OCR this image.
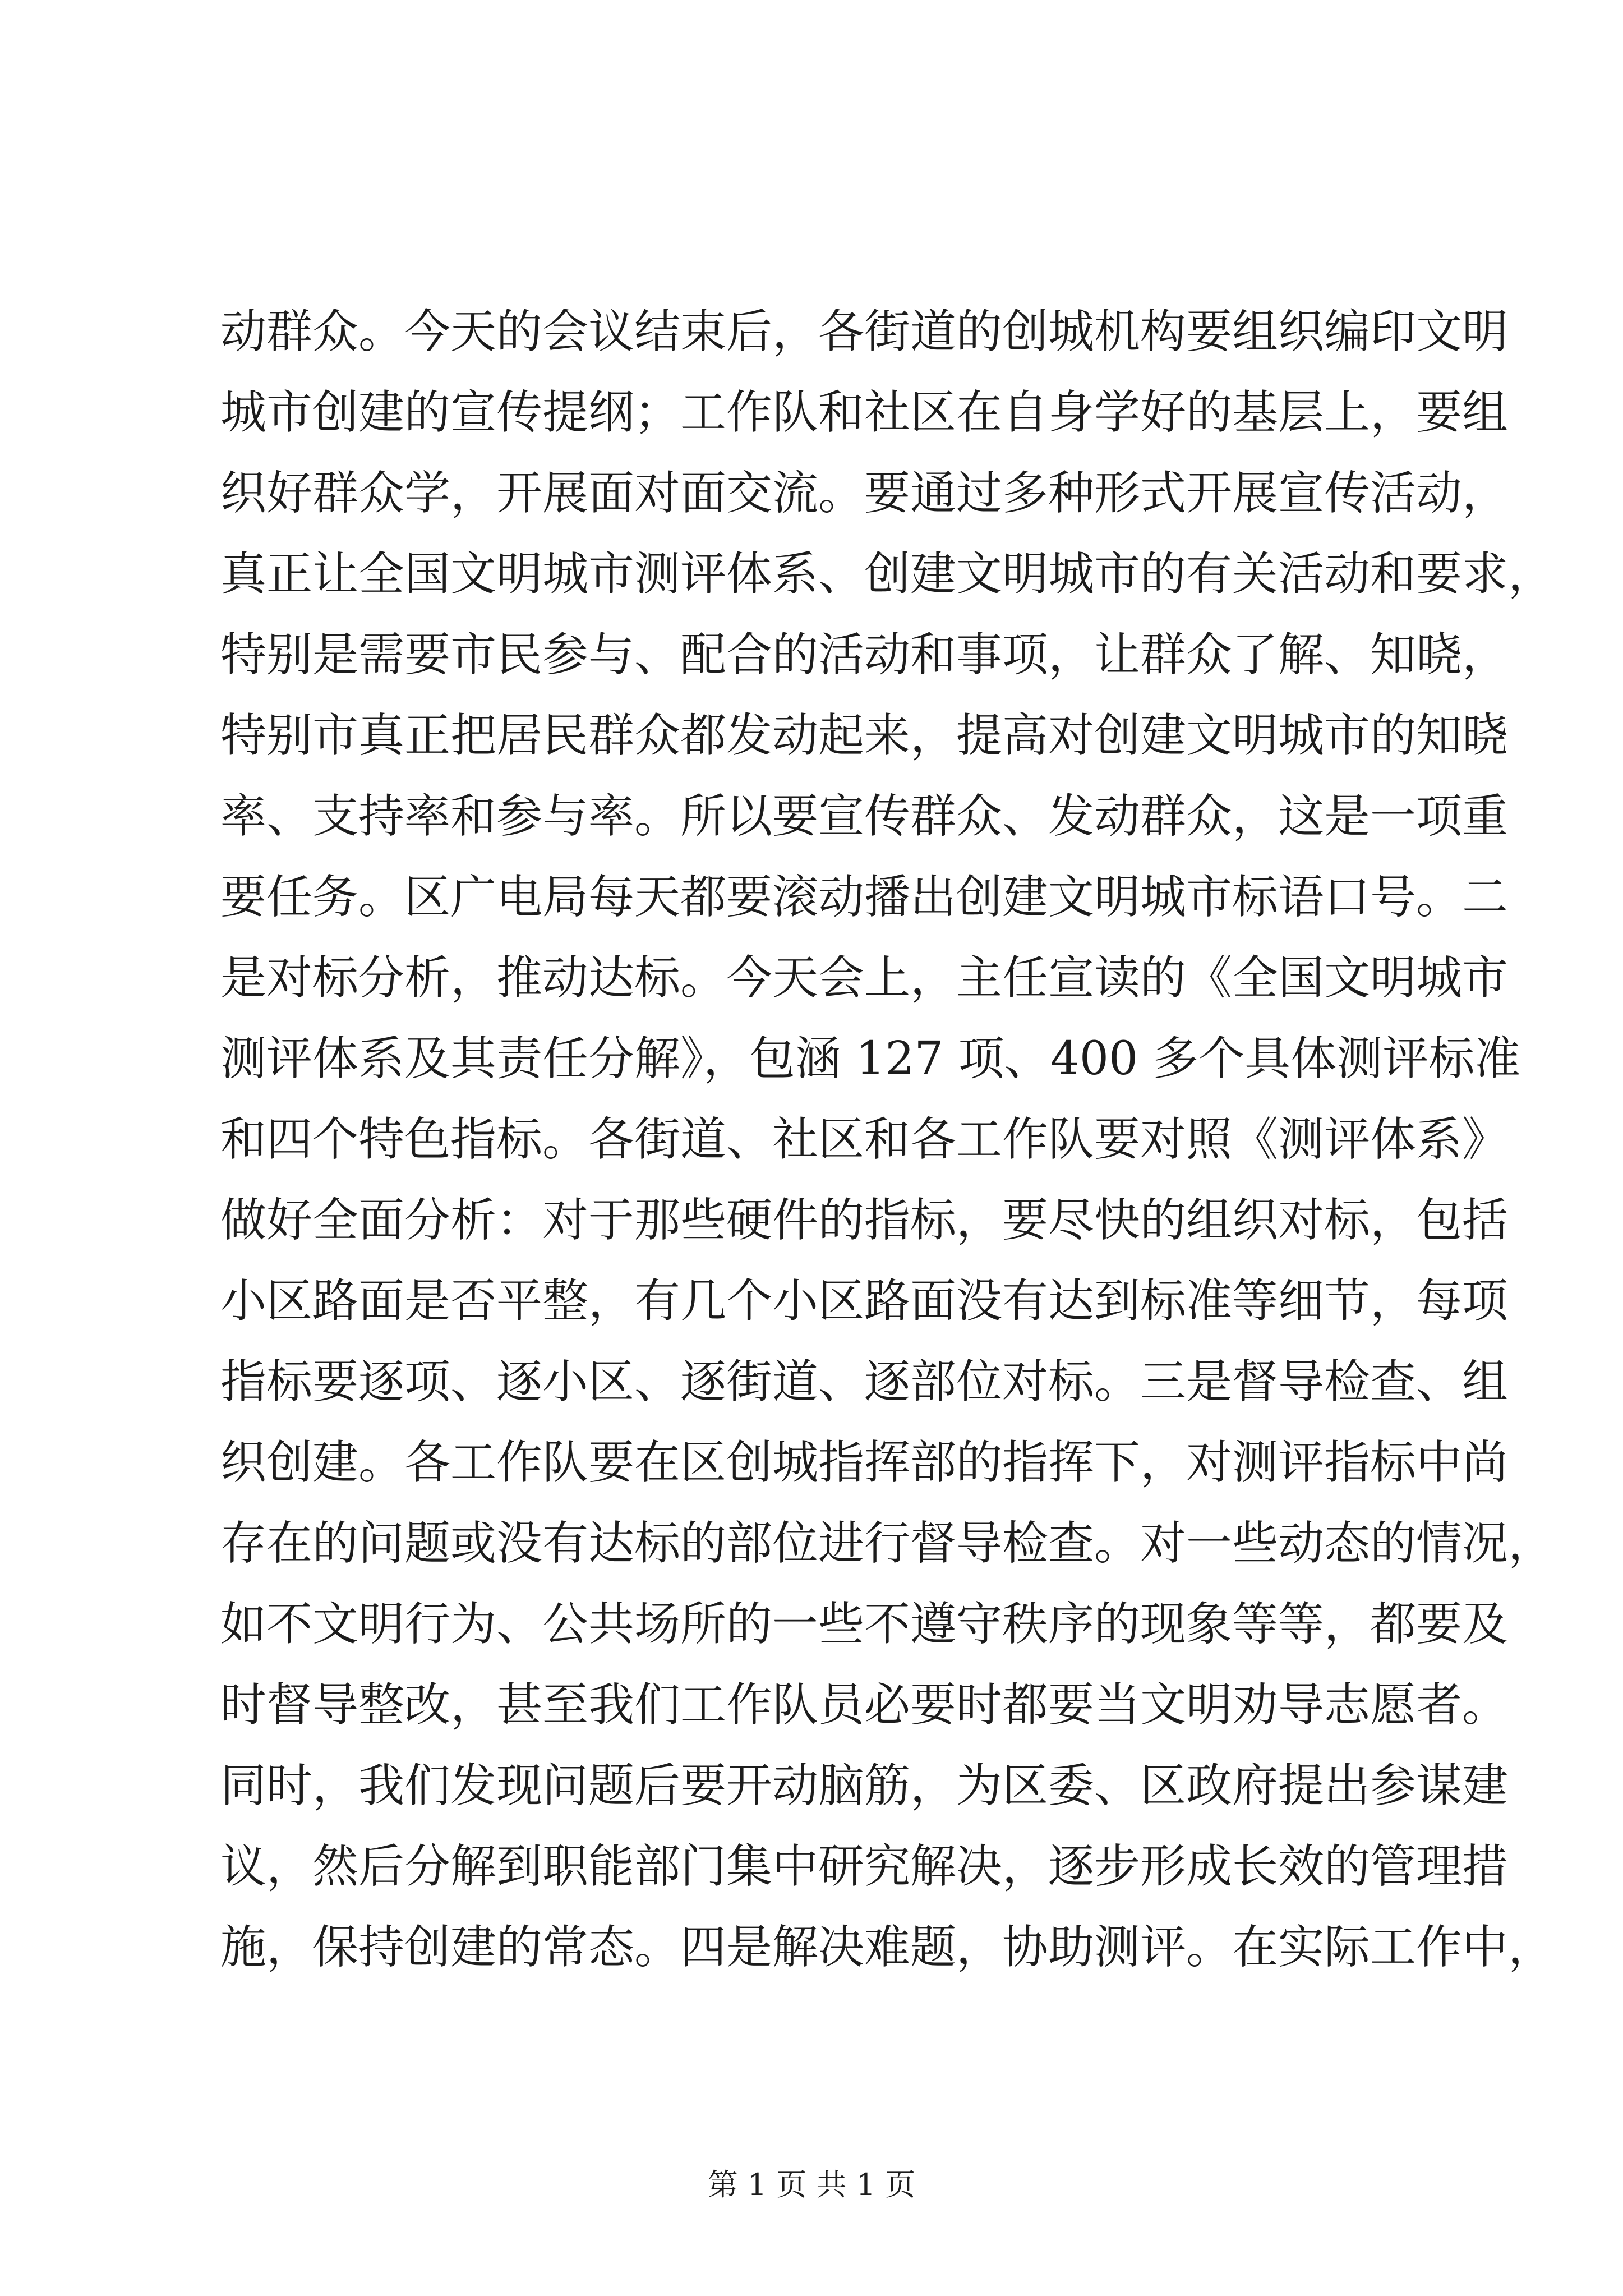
动群众。今天的会议结束后，各街道的创城机构要组织编印文明
城市创建的宣传提纲；工作队和社区在自身学好的基层上，要组
织好群众学，开展面对面交流。要通过多种形式开展宣传活动，
真正让全国文明城市测评体系、创建文明城市的有关活动和要求，
特别是需要市民参与、配合的活动和事项，让群众了解、知晓，
特别市真正把居民群众都发动起来，提高对创建文明城市的知晓
率、支持率和参与率。所以要宣传群众、发动群众，这是一项重
要任务。区广电局每天都要滚动播出创建文明城市标语口号。二
是对标分析，推动达标。今天会上，主任宣读的《全国文明城市
测评体系及其责任分解》，包涵 127 项、400 多个具体测评标准
和四个特色指标。各街道、社区和各工作队要对照《测评体系》
做好全面分析：对于那些硬件的指标，要尽快的组织对标，包括
小区路面是否平整，有几个小区路面没有达到标准等细节，每项
指标要逐项、逐小区、逐街道、逐部位对标。三是督导检查、组
织创建。各工作队要在区创城指挥部的指挥下，对测评指标中尚
存在的问题或没有达标的部位进行督导检查。对一些动态的情况，
如不文明行为、公共场所的一些不遵守秩序的现象等等，都要及
时督导整改，甚至我们工作队员必要时都要当文明劝导志愿者。
同时，我们发现问题后要开动脑筋，为区委、区政府提出参谋建
议，然后分解到职能部门集中研究解决，逐步形成长效的管理措
施，保持创建的常态。四是解决难题，协助测评。在实际工作中，
第 1 页 共 1 页
